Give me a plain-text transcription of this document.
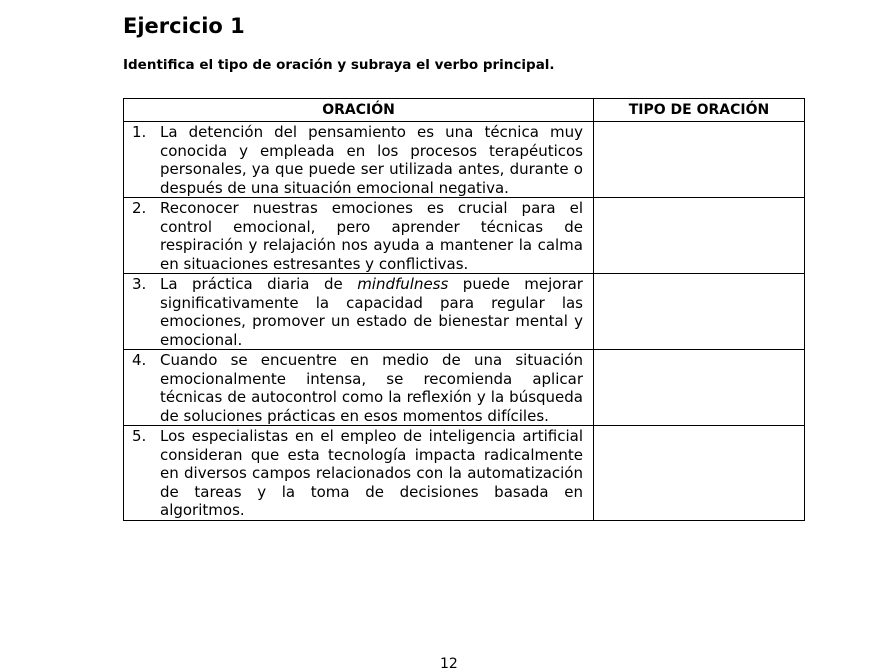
Ejercicio 1

Identifica el tipo de oración y subraya el verbo principal.

ORACIÓN	TIPO DE ORACIÓN

1. La detención del pensamiento es una técnica muy conocida y empleada en los procesos terapéuticos personales, ya que puede ser utilizada antes, durante o después de una situación emocional negativa.	

2. Reconocer nuestras emociones es crucial para el control emocional, pero aprender técnicas de respiración y relajación nos ayuda a mantener la calma en situaciones estresantes y conflictivas.	

3. La práctica diaria de mindfulness puede mejorar significativamente la capacidad para regular las emociones, promover un estado de bienestar mental y emocional.	

4. Cuando se encuentre en medio de una situación emocionalmente intensa, se recomienda aplicar técnicas de autocontrol como la reflexión y la búsqueda de soluciones prácticas en esos momentos difíciles.	

5. Los especialistas en el empleo de inteligencia artificial consideran que esta tecnología impacta radicalmente en diversos campos relacionados con la automatización de tareas y la toma de decisiones basada en algoritmos.	

12
